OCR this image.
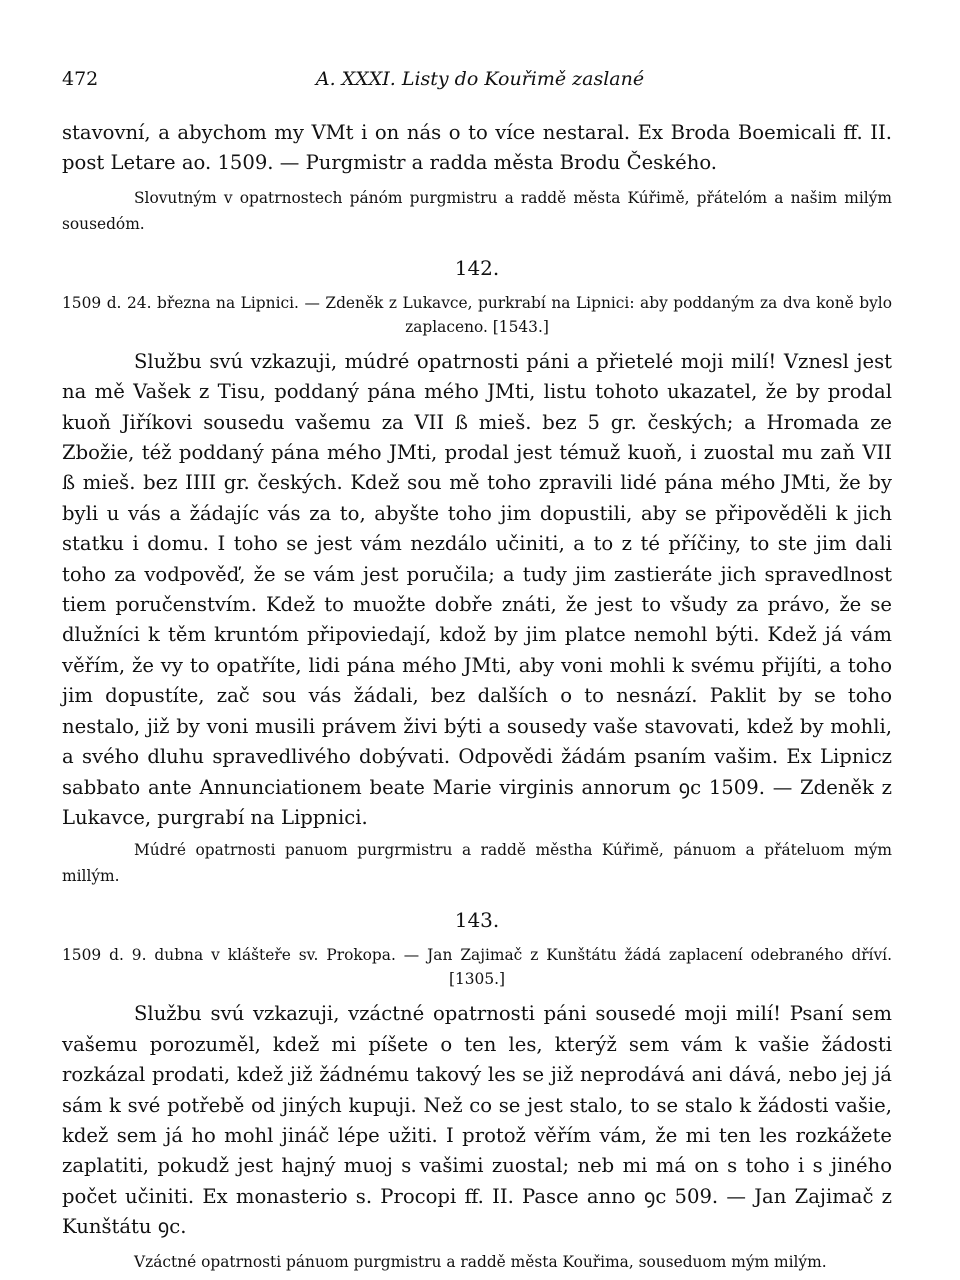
472	A. XXXI. Listy do Kouřimě zaslané

stavovní, a abychom my VMt i on nás o to více nestaral. Ex Broda Boemicali ff. II. post Letare ao. 1509. — Purgmistr a radda města Brodu Českého.

Slovutným v opatrnostech pánóm purgmistru a raddě města Kúřimě, přátelóm a našim milým sousedóm.

142.

1509 d. 24. března na Lipnici. — Zdeněk z Lukavce, purkrabí na Lipnici: aby poddaným za dva koně bylo zaplaceno. [1543.]

Službu svú vzkazuji, múdré opatrnosti páni a přietelé moji milí! Vznesl jest na mě Vašek z Tisu, poddaný pána mého JMti, listu tohoto ukazatel, že by prodal kuoň Jiříkovi sousedu vašemu za VII ß mieš. bez 5 gr. českých; a Hromada ze Zbožie, též poddaný pána mého JMti, prodal jest témuž kuoň, i zuostal mu zaň VII ß mieš. bez IIII gr. českých. Kdež sou mě toho zpravili lidé pána mého JMti, že by byli u vás a žádajíc vás za to, abyšte toho jim dopustili, aby se připověděli k jich statku i domu. I toho se jest vám nezdálo učiniti, a to z té příčiny, to ste jim dali toho za vodpověď, že se vám jest poručila; a tudy jim zastieráte jich spravedlnost tiem poručenstvím. Kdež to muožte dobře znáti, že jest to všudy za právo, že se dlužníci k těm kruntóm připoviedají, kdož by jim platce nemohl býti. Kdež já vám věřím, že vy to opatříte, lidi pána mého JMti, aby voni mohli k svému přijíti, a toho jim dopustíte, zač sou vás žádali, bez dalších o to nesnází. Paklit by se toho nestalo, již by voni musili právem živi býti a sousedy vaše stavovati, kdež by mohli, a svého dluhu spravedlivého dobývati. Odpovědi žádám psaním vašim. Ex Lipnicz sabbato ante Annunciationem beate Marie virginis annorum ꝯc 1509. — Zdeněk z Lukavce, purgrabí na Lippnici.

Múdré opatrnosti panuom purgrmistru a raddě městha Kúřimě, pánuom a přáteluom mým millým.

143.

1509 d. 9. dubna v klášteře sv. Prokopa. — Jan Zajimač z Kunštátu žádá zaplacení odebraného dříví. [1305.]

Službu svú vzkazuji, vzáctné opatrnosti páni sousedé moji milí! Psaní sem vašemu porozuměl, kdež mi píšete o ten les, kterýž sem vám k vašie žádosti rozkázal prodati, kdež již žádnému takový les se již neprodává ani dává, nebo jej já sám k své potřebě od jiných kupuji. Než co se jest stalo, to se stalo k žádosti vašie, kdež sem já ho mohl jináč lépe užiti. I protož věřím vám, že mi ten les rozkážete zaplatiti, pokudž jest hajný muoj s vašimi zuostal; neb mi má on s toho i s jiného počet učiniti. Ex monasterio s. Procopi ff. II. Pasce anno ꝯc 509. — Jan Zajimač z Kunštátu ꝯc.

Vzáctné opatrnosti pánuom purgmistru a raddě města Kouřima, souseduom mým milým.
